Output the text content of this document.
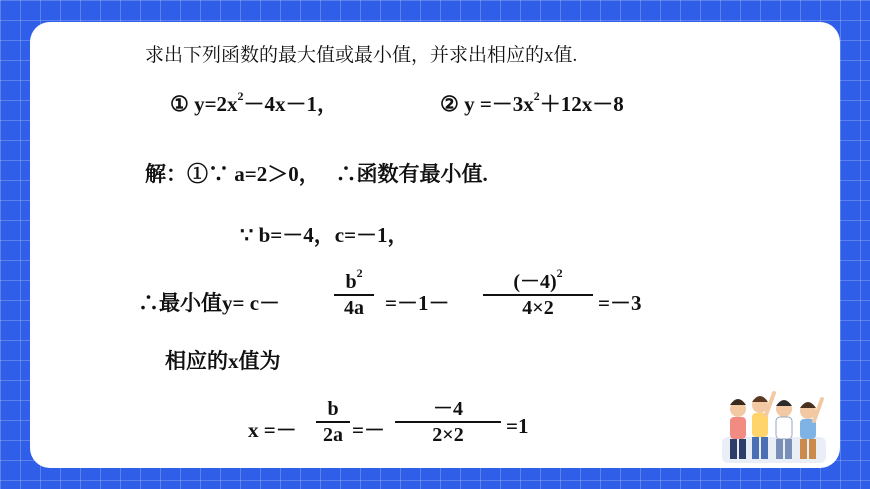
求出下列函数的最大值或最小值，并求出相应的x值.
① $y=2x^2-4x-1$，	② $y =-3x^2+12x-8$
解：①∵ a=2＞0，　 ∴函数有最小值.
∵ b=－4，c=－1，
∴最小值y= c－
$b^2$
4a	=－1－
$(-4)^2$
4×2	=－3
相应的x值为
x =－
b
2a =－
－4
2×2	=1
